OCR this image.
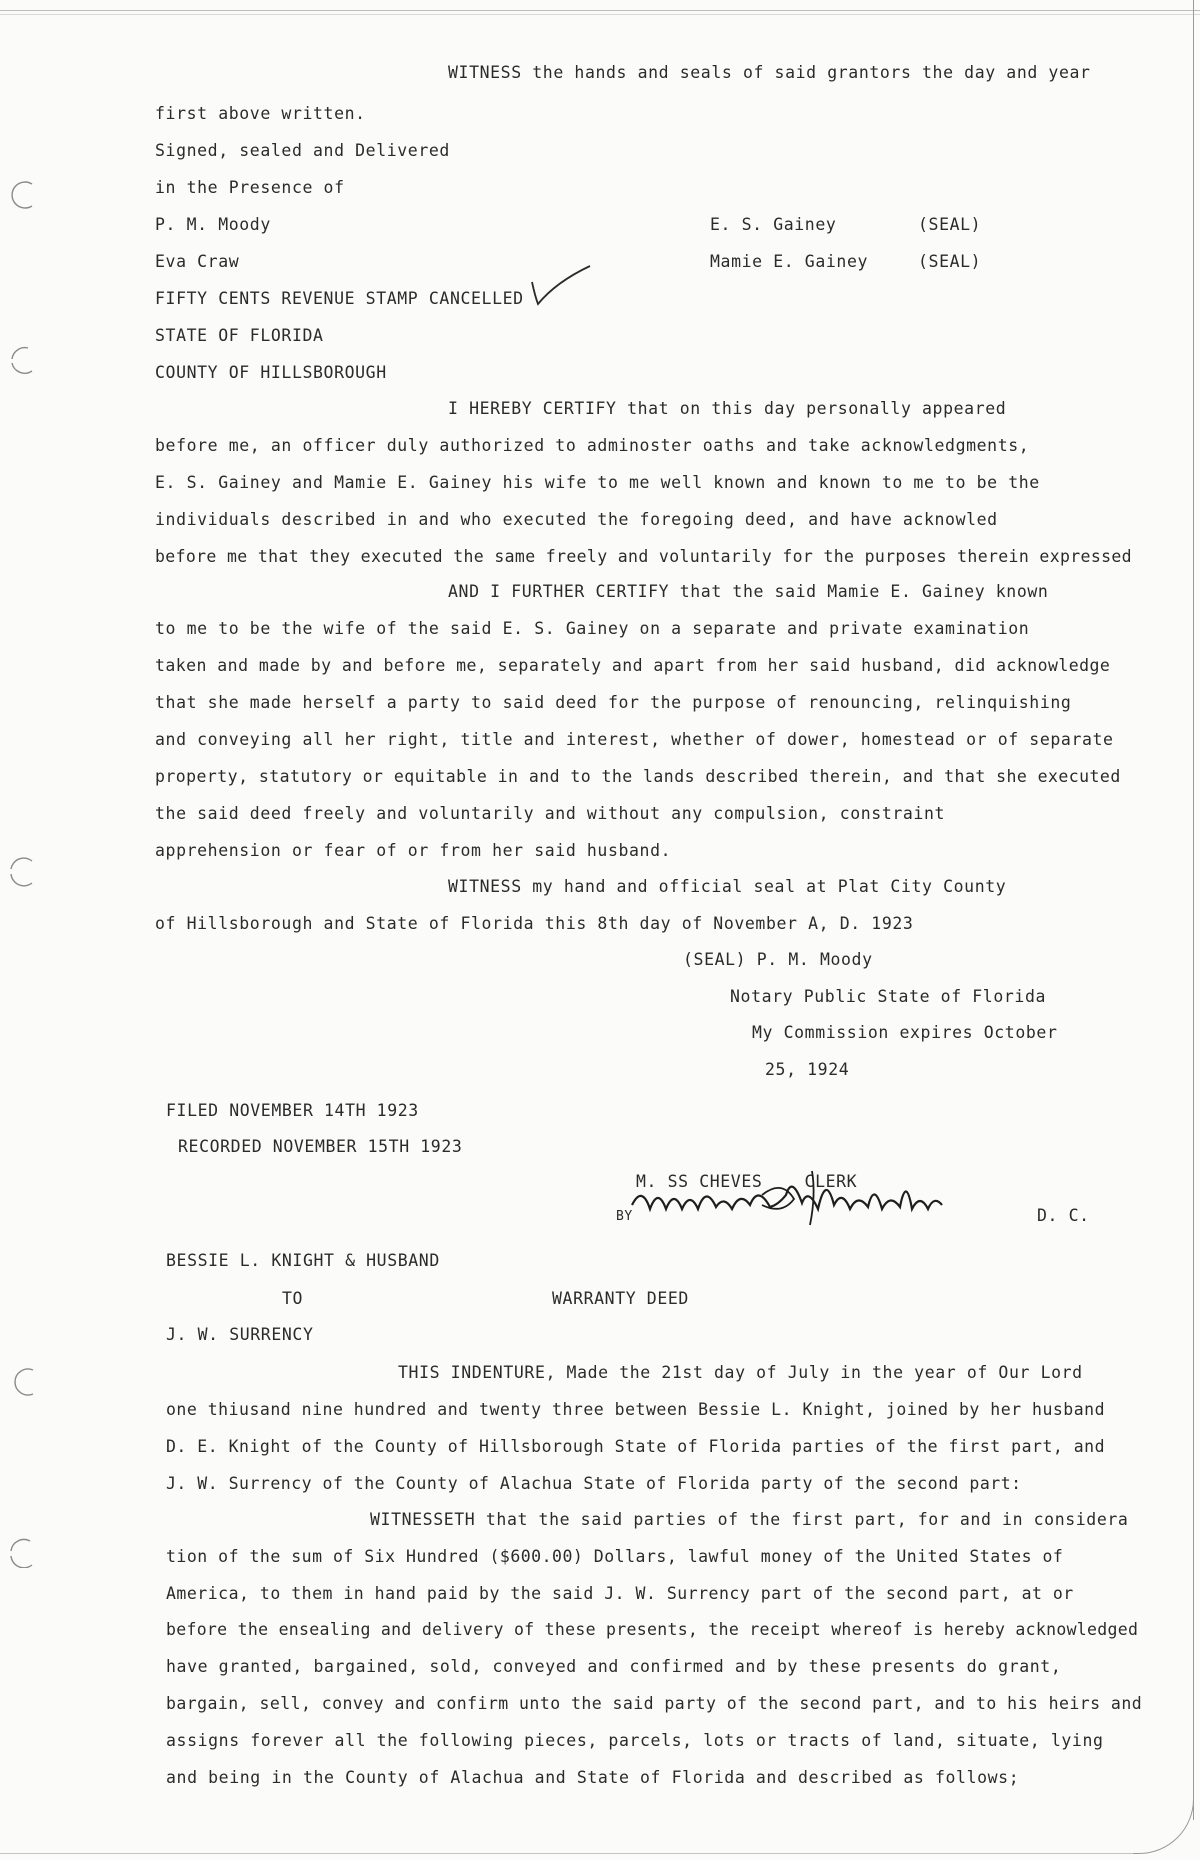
WITNESS the hands and seals of said grantors the day and year
first above written.
Signed, sealed and Delivered
in the Presence of
P. M. Moody	E. S. Gainey	(SEAL)
Eva Craw	Mamie E. Gainey	(SEAL)
FIFTY CENTS REVENUE STAMP CANCELLED
STATE OF FLORIDA
COUNTY OF HILLSBOROUGH
I HEREBY CERTIFY that on this day personally appeared
before me, an officer duly authorized to adminoster oaths and take acknowledgments,
E. S. Gainey and Mamie E. Gainey his wife to me well known and known to me to be the
individuals described in and who executed the foregoing deed, and have acknowled
before me that they executed the same freely and voluntarily for the purposes therein expressed
AND I FURTHER CERTIFY that the said Mamie E. Gainey known
to me to be the wife of the said E. S. Gainey on a separate and private examination
taken and made by and before me, separately and apart from her said husband, did acknowledge
that she made herself a party to said deed for the purpose of renouncing, relinquishing
and conveying all her right, title and interest, whether of dower, homestead or of separate
property, statutory or equitable in and to the lands described therein, and that she executed
the said deed freely and voluntarily and without any compulsion, constraint
apprehension or fear of or from her said husband.
WITNESS my hand and official seal at Plat City County
of Hillsborough and State of Florida this 8th day of November A, D. 1923
(SEAL) P. M. Moody
Notary Public State of Florida
My Commission expires October
25, 1924
FILED NOVEMBER 14TH 1923
RECORDED NOVEMBER 15TH 1923
M. SS CHEVES    CLERK
BY	D. C.
BESSIE L. KNIGHT & HUSBAND
TO	WARRANTY DEED
J. W. SURRENCY
THIS INDENTURE, Made the 21st day of July in the year of Our Lord
one thiusand nine hundred and twenty three between Bessie L. Knight, joined by her husband
D. E. Knight of the County of Hillsborough State of Florida parties of the first part, and
J. W. Surrency of the County of Alachua State of Florida party of the second part:
WITNESSETH that the said parties of the first part, for and in considera
tion of the sum of Six Hundred ($600.00) Dollars, lawful money of the United States of
America, to them in hand paid by the said J. W. Surrency part of the second part, at or
before the ensealing and delivery of these presents, the receipt whereof is hereby acknowledged
have granted, bargained, sold, conveyed and confirmed and by these presents do grant,
bargain, sell, convey and confirm unto the said party of the second part, and to his heirs and
assigns forever all the following pieces, parcels, lots or tracts of land, situate, lying
and being in the County of Alachua and State of Florida and described as follows;
